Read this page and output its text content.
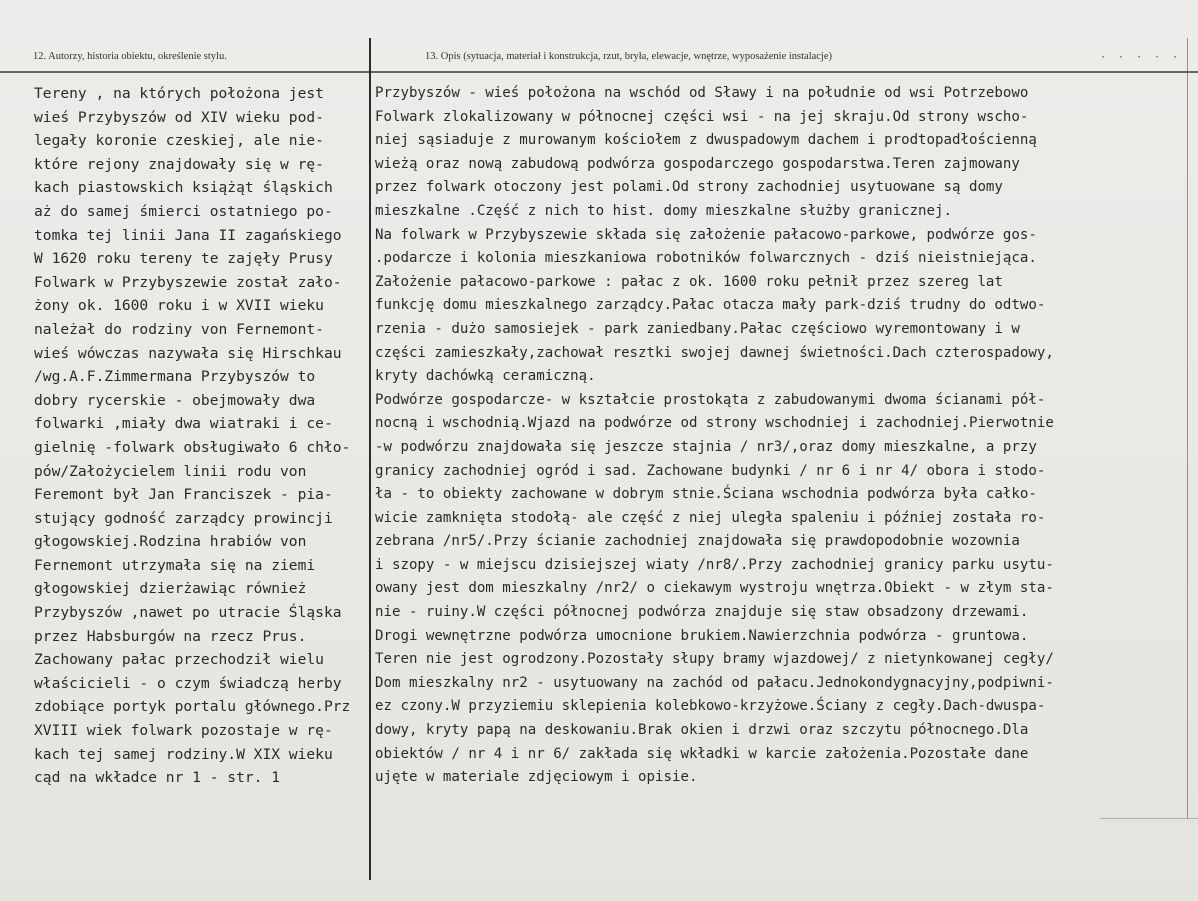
12. Autorzy, historia obiektu, określenie stylu.	13. Opis (sytuacja, materiał i konstrukcja, rzut, bryła, elewacje, wnętrze, wyposażenie instalacje)	· · · · ·
Tereny , na których położona jest
wieś Przybyszów od XIV wieku pod-
legały koronie czeskiej, ale nie-
które rejony znajdowały się w rę-
kach piastowskich książąt śląskich
aż do samej śmierci ostatniego po-
tomka tej linii Jana II zagańskiego
W 1620 roku tereny te zajęły Prusy
Folwark w Przybyszewie został zało-
żony ok. 1600 roku i w XVII wieku
należał do rodziny von Fernemont-
wieś wówczas nazywała się Hirschkau
/wg.A.F.Zimmermana Przybyszów to
dobry rycerskie - obejmowały dwa
folwarki ,miały dwa wiatraki i ce-
gielnię -folwark obsługiwało 6 chło-
pów/Założycielem linii rodu von
Feremont był Jan Franciszek - pia-
stujący godność zarządcy prowincji
głogowskiej.Rodzina hrabiów von
Fernemont utrzymała się na ziemi
głogowskiej dzierżawiąc również
Przybyszów ,nawet po utracie Śląska
przez Habsburgów na rzecz Prus.
Zachowany pałac przechodził wielu
właścicieli - o czym świadczą herby
zdobiące portyk portalu głównego.Prz
XVIII wiek folwark pozostaje w rę-
kach tej samej rodziny.W XIX wieku
cąd na wkładce nr 1 - str. 1
Przybyszów - wieś położona na wschód od Sławy i na południe od wsi Potrzebowo
Folwark zlokalizowany w północnej części wsi - na jej skraju.Od strony wscho-
niej sąsiaduje z murowanym kościołem z dwuspadowym dachem i prodtopadłościenną
wieżą oraz nową zabudową podwórza gospodarczego gospodarstwa.Teren zajmowany
przez folwark otoczony jest polami.Od strony zachodniej usytuowane są domy
mieszkalne .Część z nich to hist. domy mieszkalne służby granicznej.
Na folwark w Przybyszewie składa się założenie pałacowo-parkowe, podwórze gos-
.podarcze i kolonia mieszkaniowa robotników folwarcznych - dziś nieistniejąca.
Założenie pałacowo-parkowe : pałac z ok. 1600 roku pełnił przez szereg lat
funkcję domu mieszkalnego zarządcy.Pałac otacza mały park-dziś trudny do odtwo-
rzenia - dużo samosiejek - park zaniedbany.Pałac częściowo wyremontowany i w
części zamieszkały,zachował resztki swojej dawnej świetności.Dach czterospadowy,
kryty dachówką ceramiczną.
Podwórze gospodarcze- w kształcie prostokąta z zabudowanymi dwoma ścianami pół-
nocną i wschodnią.Wjazd na podwórze od strony wschodniej i zachodniej.Pierwotnie
-w podwórzu znajdowała się jeszcze stajnia / nr3/,oraz domy mieszkalne, a przy
granicy zachodniej ogród i sad. Zachowane budynki / nr 6 i nr 4/ obora i stodo-
ła - to obiekty zachowane w dobrym stnie.Ściana wschodnia podwórza była całko-
wicie zamknięta stodołą- ale część z niej uległa spaleniu i później została ro-
zebrana /nr5/.Przy ścianie zachodniej znajdowała się prawdopodobnie wozownia
i szopy - w miejscu dzisiejszej wiaty /nr8/.Przy zachodniej granicy parku usytu-
owany jest dom mieszkalny /nr2/ o ciekawym wystroju wnętrza.Obiekt - w złym sta-
nie - ruiny.W części północnej podwórza znajduje się staw obsadzony drzewami.
Drogi wewnętrzne podwórza umocnione brukiem.Nawierzchnia podwórza - gruntowa.
Teren nie jest ogrodzony.Pozostały słupy bramy wjazdowej/ z nietynkowanej cegły/
Dom mieszkalny nr2 - usytuowany na zachód od pałacu.Jednokondygnacyjny,podpiwni-
ez czony.W przyziemiu sklepienia kolebkowo-krzyżowe.Ściany z cegły.Dach-dwuspa-
dowy, kryty papą na deskowaniu.Brak okien i drzwi oraz szczytu północnego.Dla
obiektów / nr 4 i nr 6/ zakłada się wkładki w karcie założenia.Pozostałe dane
ujęte w materiale zdjęciowym i opisie.
